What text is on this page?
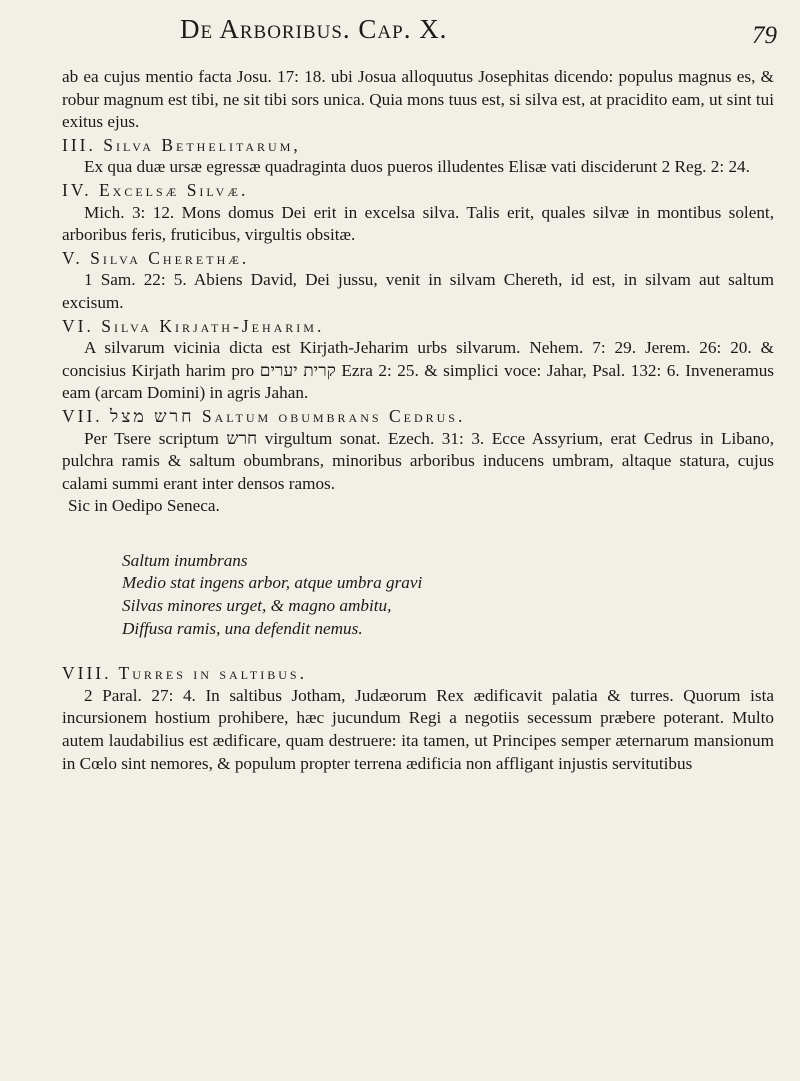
De Arboribus. Cap. X.	79

ab ea cujus mentio facta Josu. 17: 18. ubi Josua alloquutus Josephitas dicendo: populus magnus es, & robur magnum est tibi, ne sit tibi sors unica. Quia mons tuus est, si silva est, at pracidito eam, ut sint tui exitus ejus.

III. Silva Bethelitarum,

Ex qua duæ ursæ egressæ quadraginta duos pueros illudentes Elisæ vati disciderunt 2 Reg. 2: 24.

IV. Excelsæ Silvæ.

Mich. 3: 12. Mons domus Dei erit in excelsa silva. Talis erit, quales silvæ in montibus solent, arboribus feris, fruticibus, virgultis obsitæ.

V. Silva Cherethæ.

1 Sam. 22: 5. Abiens David, Dei jussu, venit in silvam Chereth, id est, in silvam aut saltum excisum.

VI. Silva Kirjath-Jeharim.

A silvarum vicinia dicta est Kirjath-Jeharim urbs silvarum. Nehem. 7: 29. Jerem. 26: 20. & concisius Kirjath harim pro קרית יערים Ezra 2: 25. & simplici voce: Jahar, Psal. 132: 6. Inveneramus eam (arcam Domini) in agris Jahan.

VII. חרש מצל Saltum obumbrans Cedrus.

Per Tsere scriptum חרש virgultum sonat. Ezech. 31: 3. Ecce Assyrium, erat Cedrus in Libano, pulchra ramis & saltum obumbrans, minoribus arboribus inducens umbram, altaque statura, cujus calami summi erant inter densos ramos.

Sic in Oedipo Seneca.

Saltum inumbrans

Medio stat ingens arbor, atque umbra gravi

Silvas minores urget, & magno ambitu,

Diffusa ramis, una defendit nemus.

VIII. Turres in saltibus.

2 Paral. 27: 4. In saltibus Jotham, Judæorum Rex ædificavit palatia & turres. Quorum ista incursionem hostium prohibere, hæc jucundum Regi a negotiis secessum præbere poterant. Multo autem laudabilius est ædificare, quam destruere: ita tamen, ut Principes semper æternarum mansionum in Cœlo sint nemores, & populum propter terrena ædificia non affligant injustis servitutibus
